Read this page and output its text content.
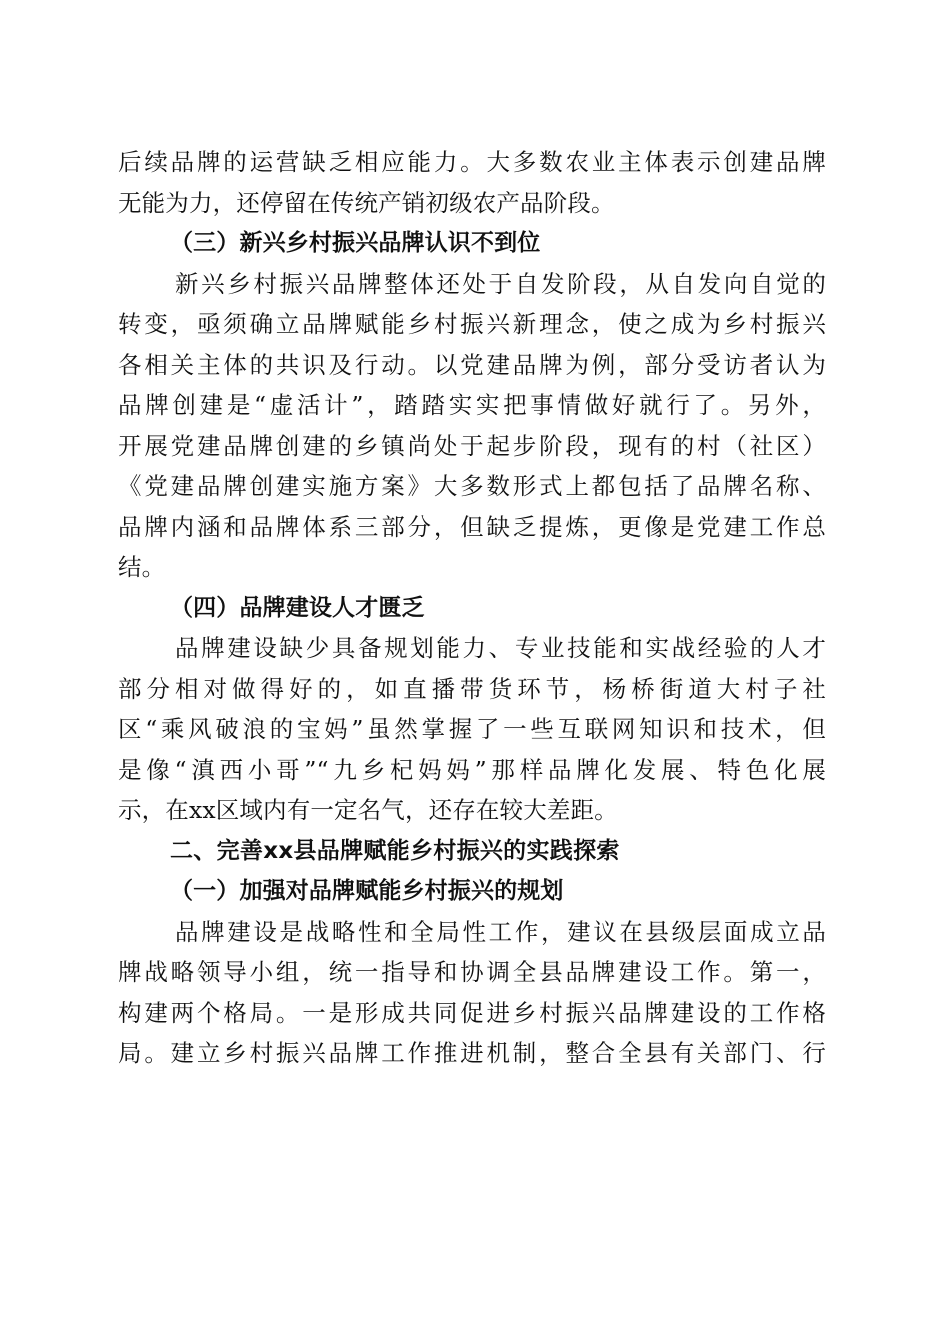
后续品牌的运营缺乏相应能力。大多数农业主体表示创建品牌
无能为力，还停留在传统产销初级农产品阶段。
（三）新兴乡村振兴品牌认识不到位
新兴乡村振兴品牌整体还处于自发阶段，从自发向自觉的
转变，亟须确立品牌赋能乡村振兴新理念，使之成为乡村振兴
各相关主体的共识及行动。以党建品牌为例，部分受访者认为
品牌创建是“虚活计”，踏踏实实把事情做好就行了。另外，
开展党建品牌创建的乡镇尚处于起步阶段，现有的村（社区）
《党建品牌创建实施方案》大多数形式上都包括了品牌名称、
品牌内涵和品牌体系三部分，但缺乏提炼，更像是党建工作总
结。
（四）品牌建设人才匮乏
品牌建设缺少具备规划能力、专业技能和实战经验的人才
部分相对做得好的，如直播带货环节，杨桥街道大村子社
区“乘风破浪的宝妈”虽然掌握了一些互联网知识和技术，但
是像“滇西小哥”“九乡杞妈妈”那样品牌化发展、特色化展
示，在xx区域内有一定名气，还存在较大差距。
二、完善xx县品牌赋能乡村振兴的实践探索
（一）加强对品牌赋能乡村振兴的规划
品牌建设是战略性和全局性工作，建议在县级层面成立品
牌战略领导小组，统一指导和协调全县品牌建设工作。第一，
构建两个格局。一是形成共同促进乡村振兴品牌建设的工作格
局。建立乡村振兴品牌工作推进机制，整合全县有关部门、行
